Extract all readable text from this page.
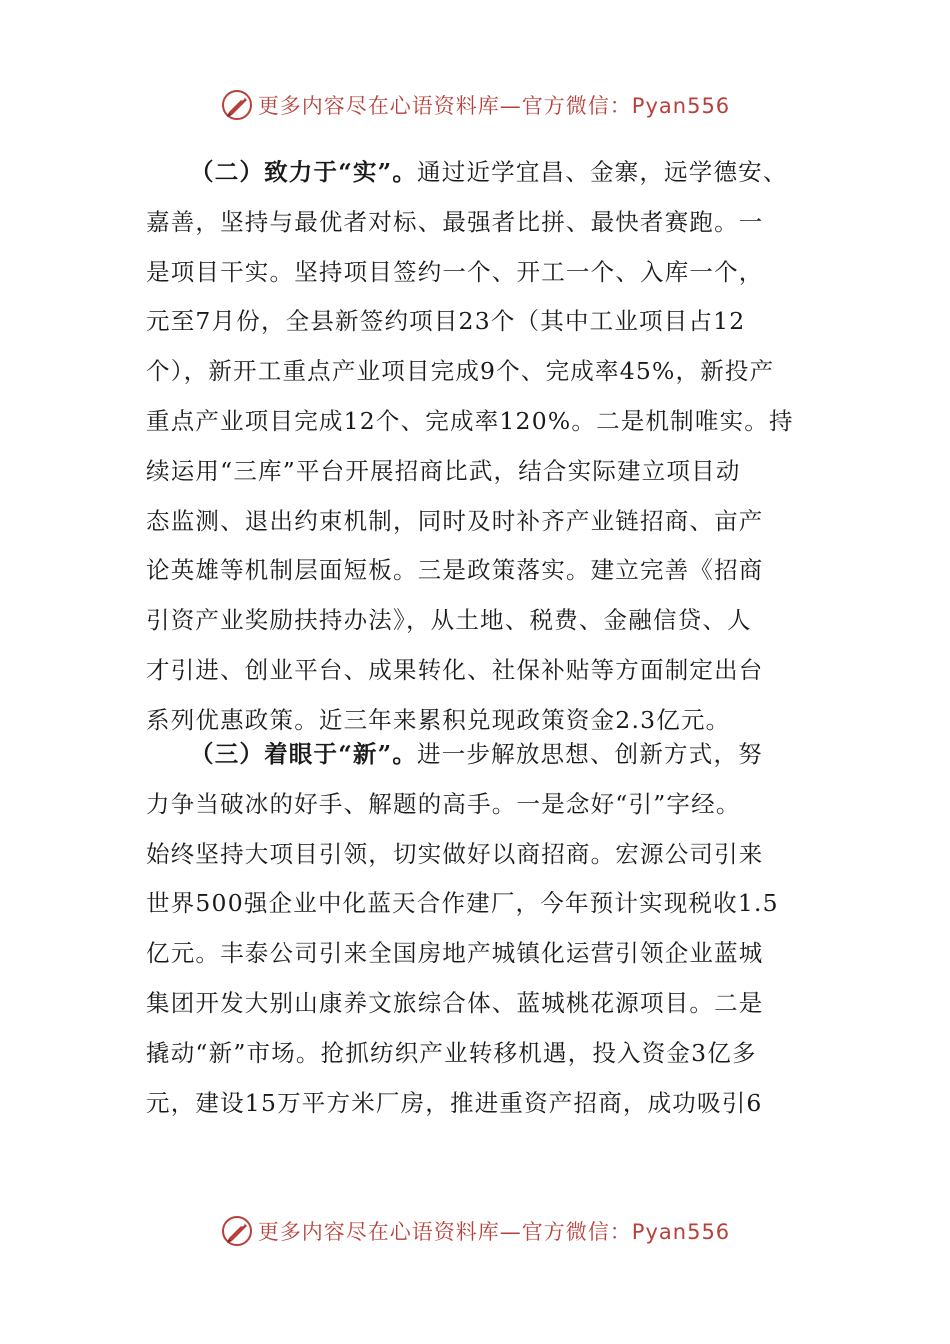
更多内容尽在心语资料库—官方微信：Pyan556
（二）致力于“实”。通过近学宜昌、金寨，远学德安、
嘉善，坚持与最优者对标、最强者比拼、最快者赛跑。一
是项目干实。坚持项目签约一个、开工一个、入库一个，
元至7月份，全县新签约项目23个（其中工业项目占12
个），新开工重点产业项目完成9个、完成率45%，新投产
重点产业项目完成12个、完成率120%。二是机制唯实。持
续运用“三库”平台开展招商比武，结合实际建立项目动
态监测、退出约束机制，同时及时补齐产业链招商、亩产
论英雄等机制层面短板。三是政策落实。建立完善《招商
引资产业奖励扶持办法》，从土地、税费、金融信贷、人
才引进、创业平台、成果转化、社保补贴等方面制定出台
系列优惠政策。近三年来累积兑现政策资金2.3亿元。
（三）着眼于“新”。进一步解放思想、创新方式，努
力争当破冰的好手、解题的高手。一是念好“引”字经。
始终坚持大项目引领，切实做好以商招商。宏源公司引来
世界500强企业中化蓝天合作建厂，今年预计实现税收1.5
亿元。丰泰公司引来全国房地产城镇化运营引领企业蓝城
集团开发大别山康养文旅综合体、蓝城桃花源项目。二是
撬动“新”市场。抢抓纺织产业转移机遇，投入资金3亿多
元，建设15万平方米厂房，推进重资产招商，成功吸引6
更多内容尽在心语资料库—官方微信：Pyan556
